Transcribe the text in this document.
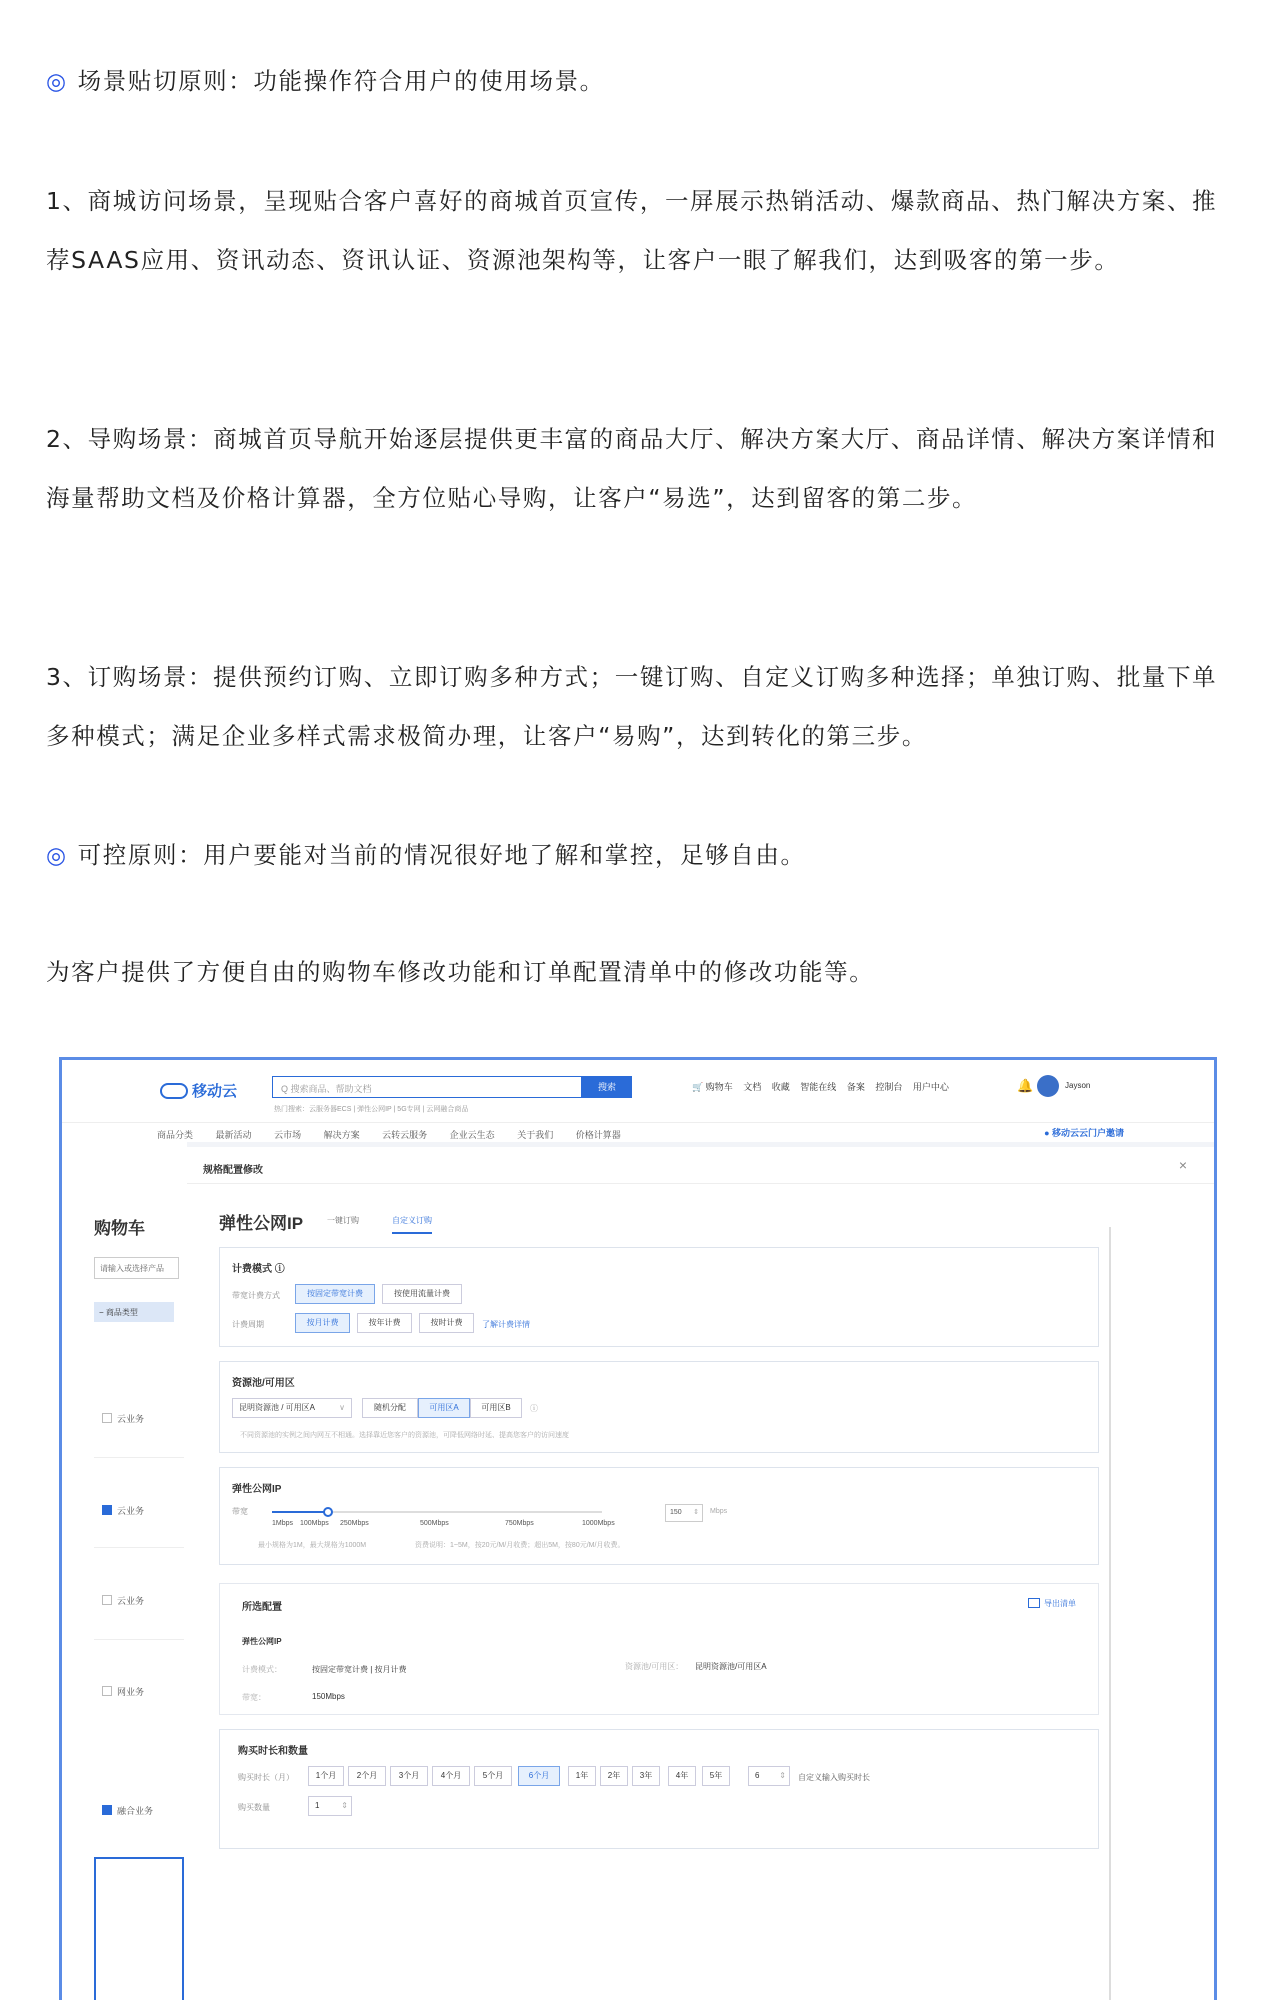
◎ 场景贴切原则：功能操作符合用户的使用场景。
1、商城访问场景，呈现贴合客户喜好的商城首页宣传，一屏展示热销活动、爆款商品、热门解决方案、推荐SAAS应用、资讯动态、资讯认证、资源池架构等，让客户一眼了解我们，达到吸客的第一步。
2、导购场景：商城首页导航开始逐层提供更丰富的商品大厅、解决方案大厅、商品详情、解决方案详情和海量帮助文档及价格计算器，全方位贴心导购，让客户“易选”，达到留客的第二步。
3、订购场景：提供预约订购、立即订购多种方式；一键订购、自定义订购多种选择；单独订购、批量下单多种模式；满足企业多样式需求极简办理，让客户“易购”，达到转化的第三步。
◎ 可控原则：用户要能对当前的情况很好地了解和掌控，足够自由。
为客户提供了方便自由的购物车修改功能和订单配置清单中的修改功能等。
移动云	Q 搜索商品、帮助文档	搜索
热门搜索：云服务器ECS | 弹性公网IP | 5G专网 | 云网融合商品
🛒 购物车 文档 收藏 智能在线 备案 控制台 用户中心	🔔	Jayson
商品分类	最新活动	云市场	解决方案	云转云服务	企业云生态	关于我们	价格计算器	● 移动云云门户邀请
购物车
请输入或选择产品
− 商品类型
云业务
云业务
云业务
网业务
融合业务
规格配置修改	×
弹性公网IP	一键订购	自定义订购
计费模式 ⓘ
带宽计费方式	按固定带宽计费	按使用流量计费
计费周期	按月计费	按年计费	按时计费	了解计费详情
资源池/可用区
昆明资源池 / 可用区A	∨	随机分配	可用区A	可用区B	ⓘ
不同资源池的实例之间内网互不相通。选择靠近您客户的资源池，可降低网络时延、提高您客户的访问速度
弹性公网IP
带宽
1Mbps 100Mbps 250Mbps	500Mbps	750Mbps	1000Mbps
150 ⇕ Mbps
最小规格为1M，最大规格为1000M	资费说明：1~5M，按20元/M/月收费；超出5M，按80元/M/月收费。
所选配置	导出清单
弹性公网IP
计费模式：	按固定带宽计费 | 按月计费
带宽：	150Mbps
资源池/可用区： 昆明资源池/可用区A
购买时长和数量
购买时长（月）	1个月	2个月	3个月	4个月	5个月	6个月	1年	2年	3年	4年	5年	6 ⇕ 自定义输入购买时长
购买数量	1	⇕
